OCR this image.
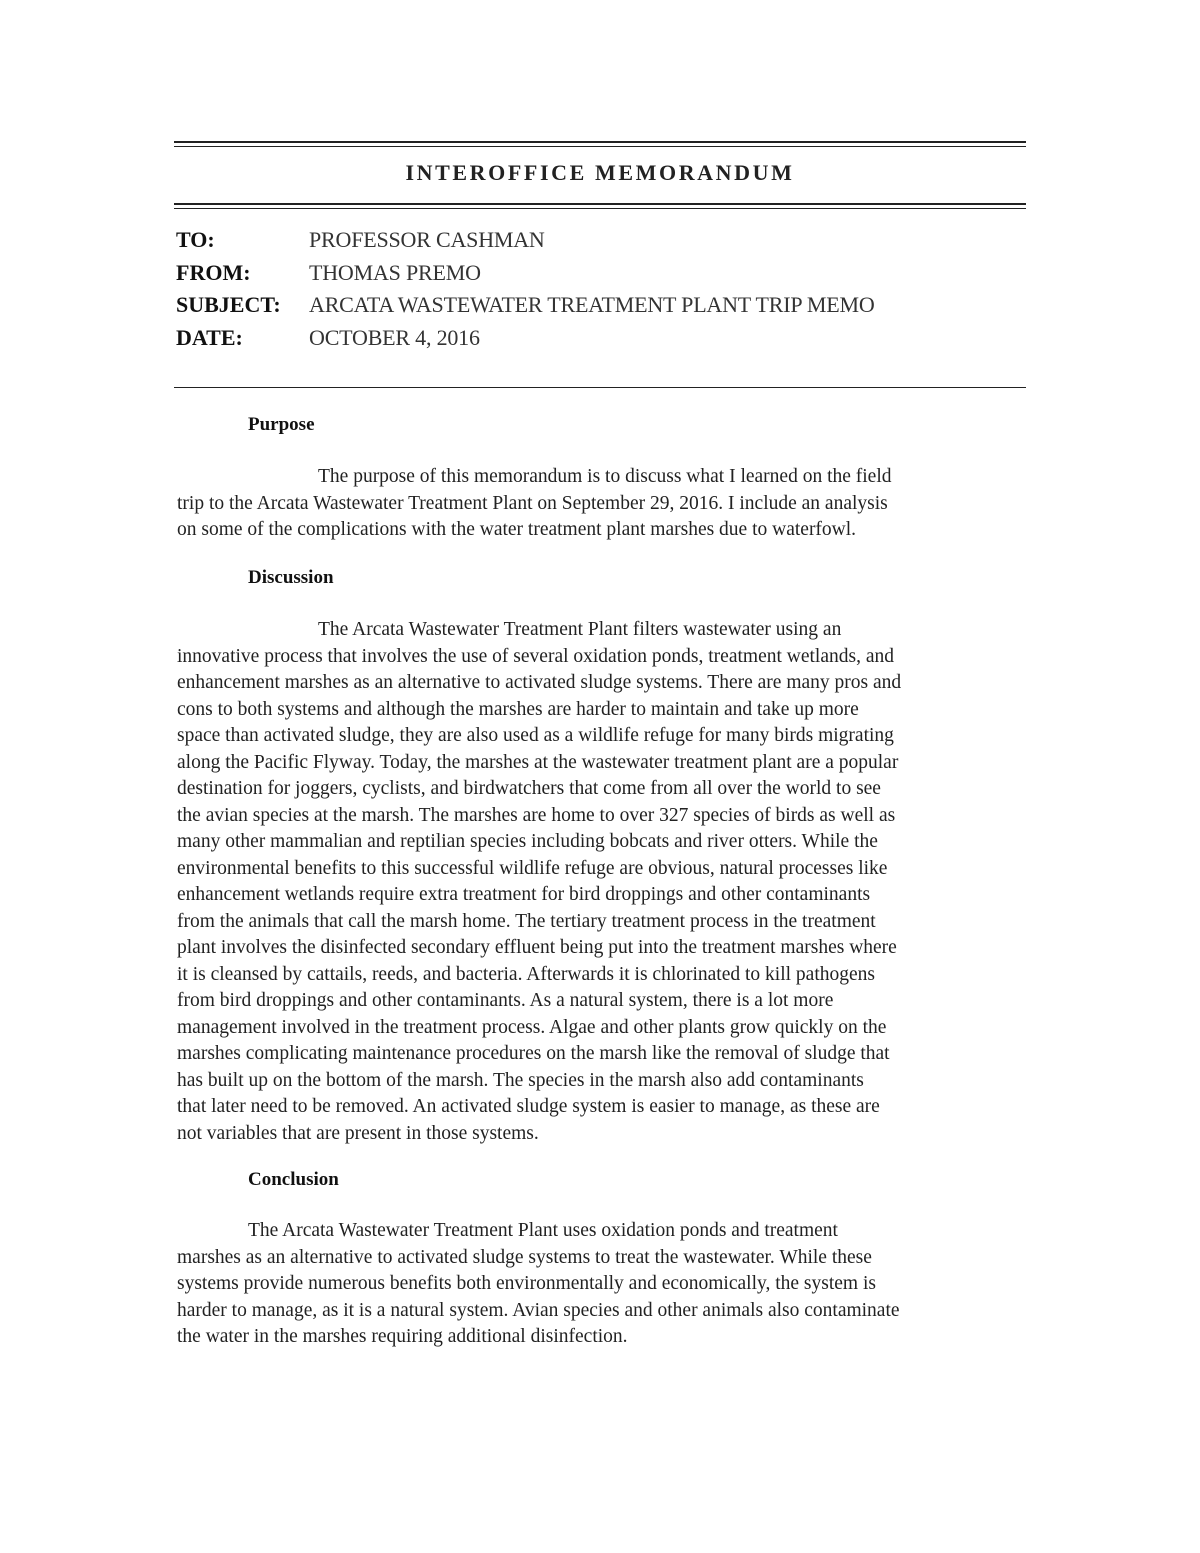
INTEROFFICE MEMORANDUM
TO:	PROFESSOR CASHMAN
FROM:	THOMAS PREMO
SUBJECT:	ARCATA WASTEWATER TREATMENT PLANT TRIP MEMO
DATE:	OCTOBER 4, 2016
Purpose
The purpose of this memorandum is to discuss what I learned on the field
trip to the Arcata Wastewater Treatment Plant on September 29, 2016. I include an analysis
on some of the complications with the water treatment plant marshes due to waterfowl.
Discussion
The Arcata Wastewater Treatment Plant filters wastewater using an
innovative process that involves the use of several oxidation ponds, treatment wetlands, and
enhancement marshes as an alternative to activated sludge systems. There are many pros and
cons to both systems and although the marshes are harder to maintain and take up more
space than activated sludge, they are also used as a wildlife refuge for many birds migrating
along the Pacific Flyway. Today, the marshes at the wastewater treatment plant are a popular
destination for joggers, cyclists, and birdwatchers that come from all over the world to see
the avian species at the marsh. The marshes are home to over 327 species of birds as well as
many other mammalian and reptilian species including bobcats and river otters. While the
environmental benefits to this successful wildlife refuge are obvious, natural processes like
enhancement wetlands require extra treatment for bird droppings and other contaminants
from the animals that call the marsh home. The tertiary treatment process in the treatment
plant involves the disinfected secondary effluent being put into the treatment marshes where
it is cleansed by cattails, reeds, and bacteria. Afterwards it is chlorinated to kill pathogens
from bird droppings and other contaminants. As a natural system, there is a lot more
management involved in the treatment process. Algae and other plants grow quickly on the
marshes complicating maintenance procedures on the marsh like the removal of sludge that
has built up on the bottom of the marsh. The species in the marsh also add contaminants
that later need to be removed. An activated sludge system is easier to manage, as these are
not variables that are present in those systems.
Conclusion
The Arcata Wastewater Treatment Plant uses oxidation ponds and treatment
marshes as an alternative to activated sludge systems to treat the wastewater. While these
systems provide numerous benefits both environmentally and economically, the system is
harder to manage, as it is a natural system. Avian species and other animals also contaminate
the water in the marshes requiring additional disinfection.
